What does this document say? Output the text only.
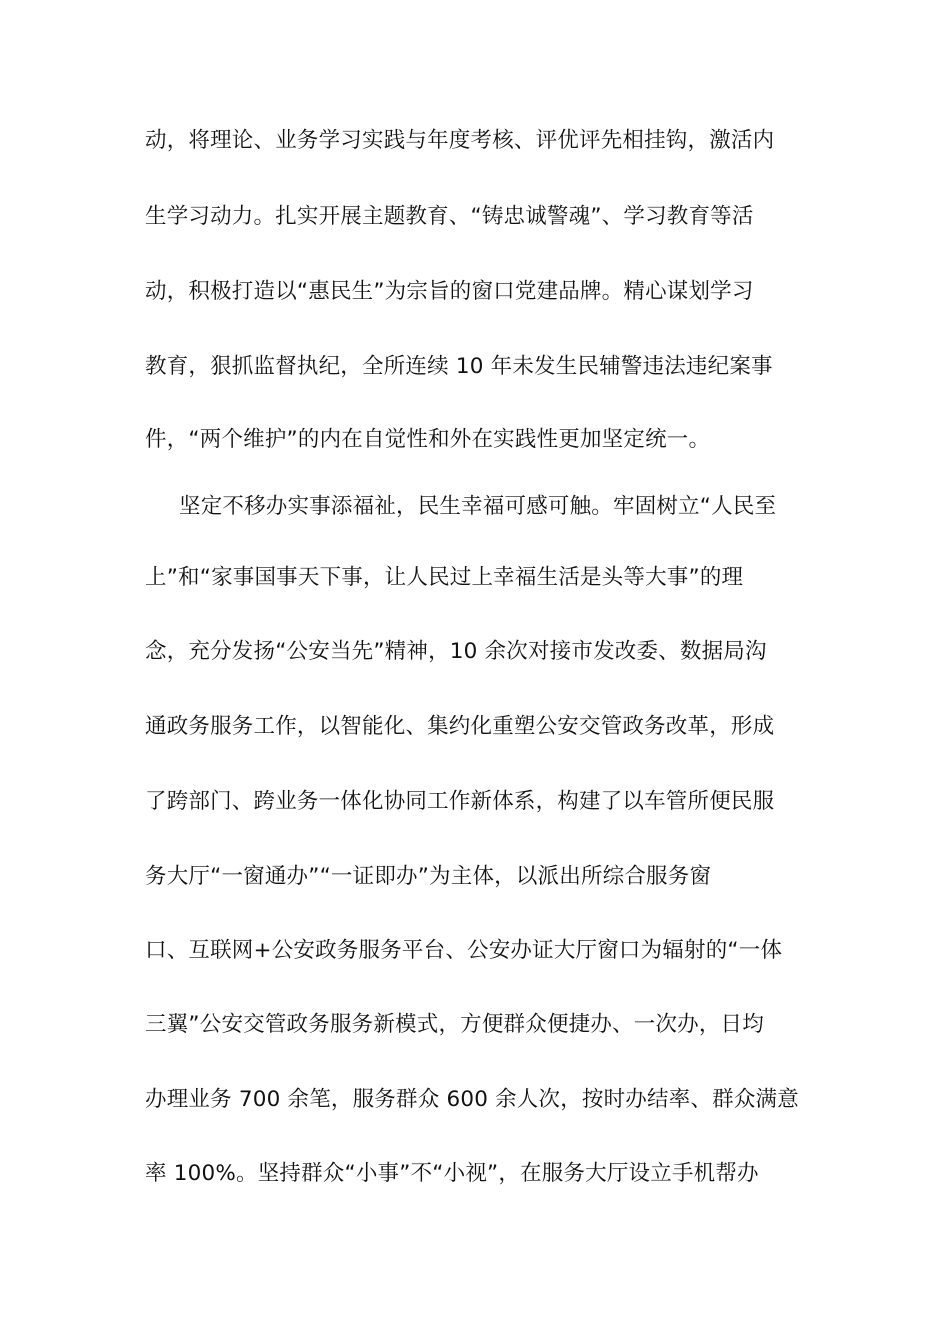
动，将理论、业务学习实践与年度考核、评优评先相挂钩，激活内
生学习动力。扎实开展主题教育、“铸忠诚警魂”、学习教育等活
动，积极打造以“惠民生”为宗旨的窗口党建品牌。精心谋划学习
教育，狠抓监督执纪，全所连续 10 年未发生民辅警违法违纪案事
件，“两个维护”的内在自觉性和外在实践性更加坚定统一。
坚定不移办实事添福祉，民生幸福可感可触。牢固树立“人民至
上”和“家事国事天下事，让人民过上幸福生活是头等大事”的理
念，充分发扬“公安当先”精神，10 余次对接市发改委、数据局沟
通政务服务工作，以智能化、集约化重塑公安交管政务改革，形成
了跨部门、跨业务一体化协同工作新体系，构建了以车管所便民服
务大厅“一窗通办”“一证即办”为主体，以派出所综合服务窗
口、互联网+公安政务服务平台、公安办证大厅窗口为辐射的“一体
三翼”公安交管政务服务新模式，方便群众便捷办、一次办，日均
办理业务 700 余笔，服务群众 600 余人次，按时办结率、群众满意
率 100%。坚持群众“小事”不“小视”，在服务大厅设立手机帮办
